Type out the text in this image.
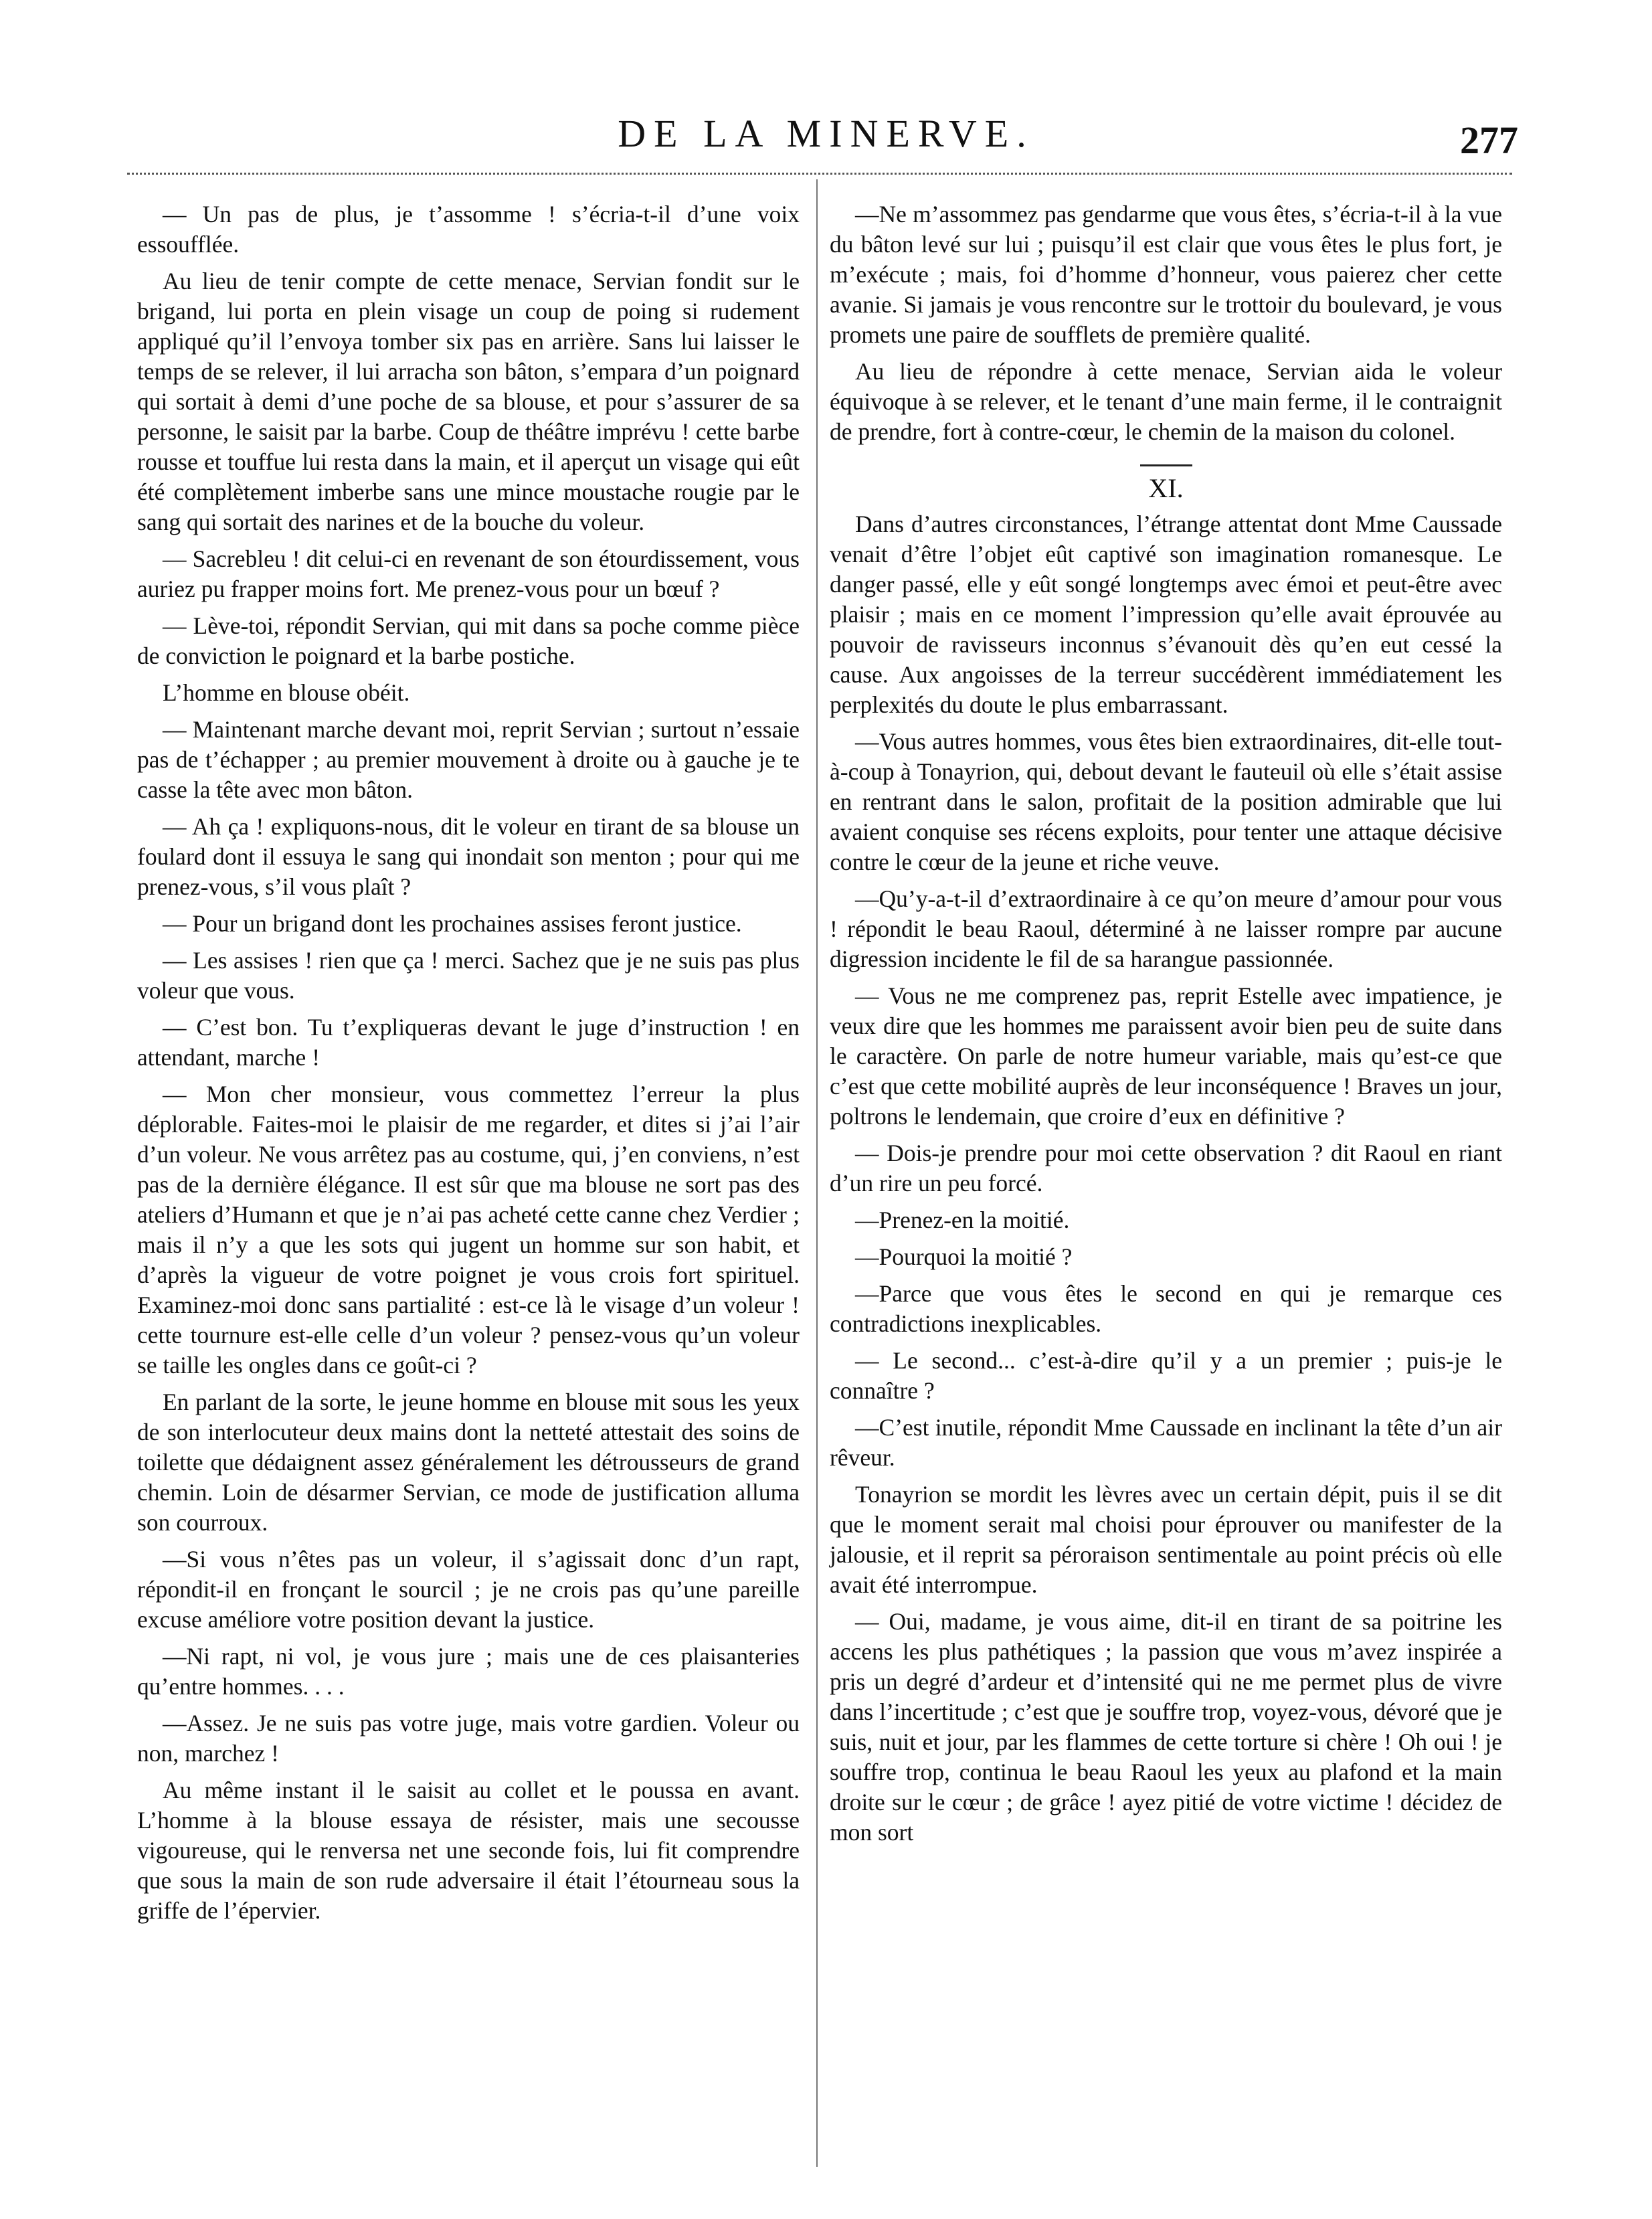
DE LA MINERVE.	277

— Un pas de plus, je t’assomme ! s’écria-t-il d’une voix essoufflée.

Au lieu de tenir compte de cette menace, Servian fondit sur le brigand, lui porta en plein visage un coup de poing si rudement appliqué qu’il l’envoya tomber six pas en arrière. Sans lui laisser le temps de se relever, il lui arracha son bâton, s’empara d’un poignard qui sortait à demi d’une poche de sa blouse, et pour s’assurer de sa personne, le saisit par la barbe. Coup de théâtre imprévu ! cette barbe rousse et touffue lui resta dans la main, et il aperçut un visage qui eût été complètement imberbe sans une mince moustache rougie par le sang qui sortait des narines et de la bouche du voleur.

— Sacrebleu ! dit celui-ci en revenant de son étourdissement, vous auriez pu frapper moins fort. Me prenez-vous pour un bœuf ?

— Lève-toi, répondit Servian, qui mit dans sa poche comme pièce de conviction le poignard et la barbe postiche.

L’homme en blouse obéit.

— Maintenant marche devant moi, reprit Servian ; surtout n’essaie pas de t’échapper ; au premier mouvement à droite ou à gauche je te casse la tête avec mon bâton.

— Ah ça ! expliquons-nous, dit le voleur en tirant de sa blouse un foulard dont il essuya le sang qui inondait son menton ; pour qui me prenez-vous, s’il vous plaît ?

— Pour un brigand dont les prochaines assises feront justice.

— Les assises ! rien que ça ! merci. Sachez que je ne suis pas plus voleur que vous.

— C’est bon. Tu t’expliqueras devant le juge d’instruction ! en attendant, marche !

— Mon cher monsieur, vous commettez l’erreur la plus déplorable. Faites-moi le plaisir de me regarder, et dites si j’ai l’air d’un voleur. Ne vous arrêtez pas au costume, qui, j’en conviens, n’est pas de la dernière élégance. Il est sûr que ma blouse ne sort pas des ateliers d’Humann et que je n’ai pas acheté cette canne chez Verdier ; mais il n’y a que les sots qui jugent un homme sur son habit, et d’après la vigueur de votre poignet je vous crois fort spirituel. Examinez-moi donc sans partialité : est-ce là le visage d’un voleur ! cette tournure est-elle celle d’un voleur ? pensez-vous qu’un voleur se taille les ongles dans ce goût-ci ?

En parlant de la sorte, le jeune homme en blouse mit sous les yeux de son interlocuteur deux mains dont la netteté attestait des soins de toilette que dédaignent assez généralement les détrousseurs de grand chemin. Loin de désarmer Servian, ce mode de justification alluma son courroux.

—Si vous n’êtes pas un voleur, il s’agissait donc d’un rapt, répondit-il en fronçant le sourcil ; je ne crois pas qu’une pareille excuse améliore votre position devant la justice.

—Ni rapt, ni vol, je vous jure ; mais une de ces plaisanteries qu’entre hommes. . . .

—Assez. Je ne suis pas votre juge, mais votre gardien. Voleur ou non, marchez !

Au même instant il le saisit au collet et le poussa en avant. L’homme à la blouse essaya de résister, mais une secousse vigoureuse, qui le renversa net une seconde fois, lui fit comprendre que sous la main de son rude adversaire il était l’étourneau sous la griffe de l’épervier.

—Ne m’assommez pas gendarme que vous êtes, s’écria-t-il à la vue du bâton levé sur lui ; puisqu’il est clair que vous êtes le plus fort, je m’exécute ; mais, foi d’homme d’honneur, vous paierez cher cette avanie. Si jamais je vous rencontre sur le trottoir du boulevard, je vous promets une paire de soufflets de première qualité.

Au lieu de répondre à cette menace, Servian aida le voleur équivoque à se relever, et le tenant d’une main ferme, il le contraignit de prendre, fort à contre-cœur, le chemin de la maison du colonel.

XI.

Dans d’autres circonstances, l’étrange attentat dont Mme Caussade venait d’être l’objet eût captivé son imagination romanesque. Le danger passé, elle y eût songé longtemps avec émoi et peut-être avec plaisir ; mais en ce moment l’impression qu’elle avait éprouvée au pouvoir de ravisseurs inconnus s’évanouit dès qu’en eut cessé la cause. Aux angoisses de la terreur succédèrent immédiatement les perplexités du doute le plus embarrassant.

—Vous autres hommes, vous êtes bien extraordinaires, dit-elle tout-à-coup à Tonayrion, qui, debout devant le fauteuil où elle s’était assise en rentrant dans le salon, profitait de la position admirable que lui avaient conquise ses récens exploits, pour tenter une attaque décisive contre le cœur de la jeune et riche veuve.

—Qu’y-a-t-il d’extraordinaire à ce qu’on meure d’amour pour vous ! répondit le beau Raoul, déterminé à ne laisser rompre par aucune digression incidente le fil de sa harangue passionnée.

— Vous ne me comprenez pas, reprit Estelle avec impatience, je veux dire que les hommes me paraissent avoir bien peu de suite dans le caractère. On parle de notre humeur variable, mais qu’est-ce que c’est que cette mobilité auprès de leur inconséquence ! Braves un jour, poltrons le lendemain, que croire d’eux en définitive ?

— Dois-je prendre pour moi cette observation ? dit Raoul en riant d’un rire un peu forcé.

—Prenez-en la moitié.

—Pourquoi la moitié ?

—Parce que vous êtes le second en qui je remarque ces contradictions inexplicables.

— Le second... c’est-à-dire qu’il y a un premier ; puis-je le connaître ?

—C’est inutile, répondit Mme Caussade en inclinant la tête d’un air rêveur.

Tonayrion se mordit les lèvres avec un certain dépit, puis il se dit que le moment serait mal choisi pour éprouver ou manifester de la jalousie, et il reprit sa péroraison sentimentale au point précis où elle avait été interrompue.

— Oui, madame, je vous aime, dit-il en tirant de sa poitrine les accens les plus pathétiques ; la passion que vous m’avez inspirée a pris un degré d’ardeur et d’intensité qui ne me permet plus de vivre dans l’incertitude ; c’est que je souffre trop, voyez-vous, dévoré que je suis, nuit et jour, par les flammes de cette torture si chère ! Oh oui ! je souffre trop, continua le beau Raoul les yeux au plafond et la main droite sur le cœur ; de grâce ! ayez pitié de votre victime ! décidez de mon sort
